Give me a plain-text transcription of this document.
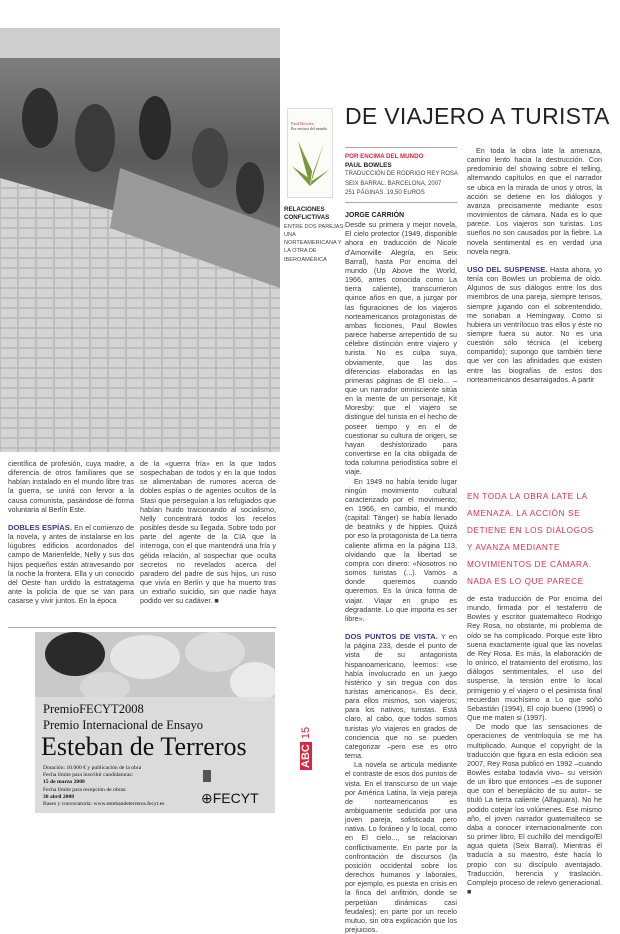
Paul Bowles
Por encima del mundo
RELACIONES CONFLICTIVAS
ENTRE DOS PAREJAS: UNA NORTEAMERICANA Y LA OTRA DE IBEROAMÉRICA
DE VIAJERO A TURISTA
POR ENCIMA DEL MUNDO
PAUL BOWLES
TRADUCCIÓN DE RODRIGO REY ROSA
SEIX BARRAL. BARCELONA, 2007
251 PÁGINAS. 19,50 EUROS

JORGE CARRIÓN

Desde su primera y mejor novela, El cielo protector (1949, disponible ahora en traducción de Nicole d'Amonville Alegría, en Seix Barral), hasta Por encima del mundo (Up Above the World, 1966, antes conocida como La tierra caliente), transcurrieron quince años en que, a juzgar por las figuraciones de los viajeros norteamericanos protagonistas de ambas ficciones, Paul Bowles parece haberse arrepentido de su célebre distinción entre viajero y turista. No es culpa suya, obviamente, que las dos diferencias elaboradas en las primeras páginas de El cielo... –que un narrador omnisciente sitúa en la mente de un personaje, Kit Moresby: que el viajero se distingue del turista en el hecho de poseer tiempo y en el de cuestionar su cultura de origen, se hayan deshistorizado para convertirse en la cita obligada de toda columna periodística sobre el viaje.

En 1949 no había tenido lugar ningún movimiento cultural caracterizado por el movimiento; en 1966, en cambio, el mundo (capital: Tánger) se había llenado de beatniks y de hippies. Quizá por eso la protagonista de La tierra caliente afirma en la página 113, olvidando que la libertad se compra con dinero: «Nosotros no somos turistas (...). Vamos a donde queremos cuando queremos. Es la única forma de viajar. Viajar en grupo es degradante. Lo que importa es ser libre».

DOS PUNTOS DE VISTA. Y en la página 233, desde el punto de vista de su antagonista hispanoamericano, leemos: «se había involucrado en un juego histérico y sin tregua con dos turistas americanos». Es decir, para ellos mismos, son viajeros; para los nativos, turistas. Está claro, al cabo, que todos somos turistas y/o viajeros en grados de conciencia que no se pueden categorizar –pero ese es otro tema.

La novela se articula mediante el contraste de esos dos puntos de vista. En el transcurso de un viaje por América Latina, la vieja pareja de norteamericanos es ambiguamente seducida por una joven pareja, sofisticada pero nativa. Lo foráneo y lo local, como en El cielo..., se relacionan conflictivamente. En parte por la confrontación de discursos (la posición occidental sobre los derechos humanos y laborales, por ejemplo, es puesta en crisis en la finca del anfitrión, donde se perpetúan dinámicas casi feudales); en parte por un recelo mutuo, sin otra explicación que los prejuicios.

En toda la obra late la amenaza, camino lento hacia la destrucción. Con predominio del showing sobre el telling, alternando capítulos en que el narrador se ubica en la mirada de unos y otros, la acción se detiene en los diálogos y avanza precisamente mediante esos movimientos de cámara. Nada es lo que parece. Los viajeros son turistas. Los sueños no son causados por la fiebre. La novela sentimental es en verdad una novela negra.

USO DEL SUSPENSE. Hasta ahora, yo tenía con Bowles un problema de oído. Algunos de sus diálogos entre los dos miembros de una pareja, siempre tensos, siempre jugando con el sobrentendido, me sonaban a Hemingway. Como si hubiera un ventrílocuo tras ellos y éste no siempre fuera su autor. No es una cuestión sólo técnica (el iceberg compartido); supongo que también tiene que ver con las afinidades que existen entre las biografías de estos dos norteamericanos desarraigados. A partir

EN TODA LA OBRA LATE LA AMENAZA. LA ACCIÓN SE DETIENE EN LOS DIÁLOGOS Y AVANZA MEDIANTE MOVIMIENTOS DE CÁMARA. NADA ES LO QUE PARECE

de esta traducción de Por encima del mundo, firmada por el testaferro de Bowles y escritor guatemalteco Rodrigo Rey Rosa, no obstante, mi problema de oído se ha complicado. Porque este libro suena exactamente igual que las novelas de Rey Rosa. Es más, la elaboración de lo onírico, el tratamiento del erotismo, los diálogos sentimentales, el uso del suspense, la tensión entre lo local primigenio y el viajero o el pesimista final recuerdan muchísimo a Lo que soñó Sebastián (1994), El cojo bueno (1996) o Que me maten si (1997).

De modo que las sensaciones de operaciones de ventriloquía se me ha multiplicado. Aunque el copyright de la traducción que figura en esta edición sea 2007, Rey Rosa publicó en 1992 –cuando Bowles estaba todavía vivo– su versión de un libro que entonces –es de suponer que con el beneplácito de su autor– se tituló La tierra caliente (Alfaguara). No he podido cotejar los volúmenes. Ese mismo año, el joven narrador guatemalteco se daba a conocer internacionalmente con su primer libro, El cuchillo del mendigo/El agua quieta (Seix Barral). Mientras él traducía a su maestro, éste hacía lo propio con su discípulo aventajado. Traducción, herencia y traslación. Complejo proceso de relevo generacional. ■

científica de profesión, cuya madre, a diferencia de otros familiares que se habían instalado en el mundo libre tras la guerra, se unirá con fervor a la causa comunista, pasándose de forma voluntaria al Berlín Este.

DOBLES ESPÍAS. En el comienzo de la novela, y antes de instalarse en los lúgubres edificios acordonados del campo de Marienfelde, Nelly y sus dos hijos pequeños están atravesando por la noche la frontera. Ella y un conocido del Oeste han urdido la estratagema ante la policía de que se van para casarse y vivir juntos. En la época

de la «guerra fría» en la que todos sospechaban de todos y en la que todos se alimentaban de rumores acerca de dobles espías o de agentes ocultos de la Stasi que perseguían a los refugiados que habían huido traicionando al socialismo, Nelly concentrará todos los recelos posibles desde su llegada. Sobre todo por parte del agente de la CIA que la interroga, con el que mantendrá una fría y gélida relación, al sospechar que oculta secretos no revelados acerca del paradero del padre de sus hijos, un ruso que vivía en Berlín y que ha muerto tras un extraño suicidio, sin que nadie haya podido ver su cadáver. ■

PremioFECYT2008
Premio Internacional de Ensayo
Esteban de Terreros
Dotación: 10.000 € y publicación de la obra
Fecha límite para inscribir candidaturas:
15 de marzo 2008
Fecha límite para recepción de obras:
30 abril 2008
Bases y convocatoria: www.estebandeterreros.fecyt.es	⊕FECYT
ABC 15
